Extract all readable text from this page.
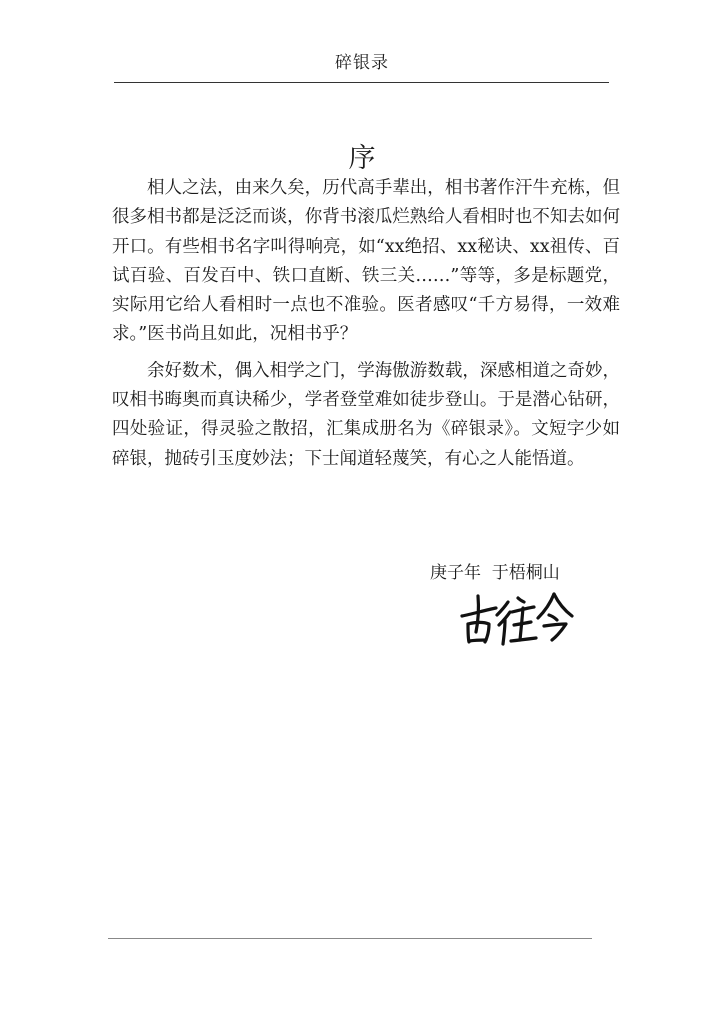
碎银录
序

相人之法，由来久矣，历代高手辈出，相书著作汗牛充栋，但很多相书都是泛泛而谈，你背书滚瓜烂熟给人看相时也不知去如何开口。有些相书名字叫得响亮，如“xx绝招、xx秘诀、xx祖传、百试百验、百发百中、铁口直断、铁三关……”等等，多是标题党，实际用它给人看相时一点也不准验。医者感叹“千方易得，一效难求。”医书尚且如此，况相书乎？

余好数术，偶入相学之门，学海傲游数载，深感相道之奇妙，叹相书晦奥而真诀稀少，学者登堂难如徒步登山。于是潜心钻研，四处验证，得灵验之散招，汇集成册名为《碎银录》。文短字少如碎银，抛砖引玉度妙法；下士闻道轻蔑笑，有心之人能悟道。

庚子年  于梧桐山
